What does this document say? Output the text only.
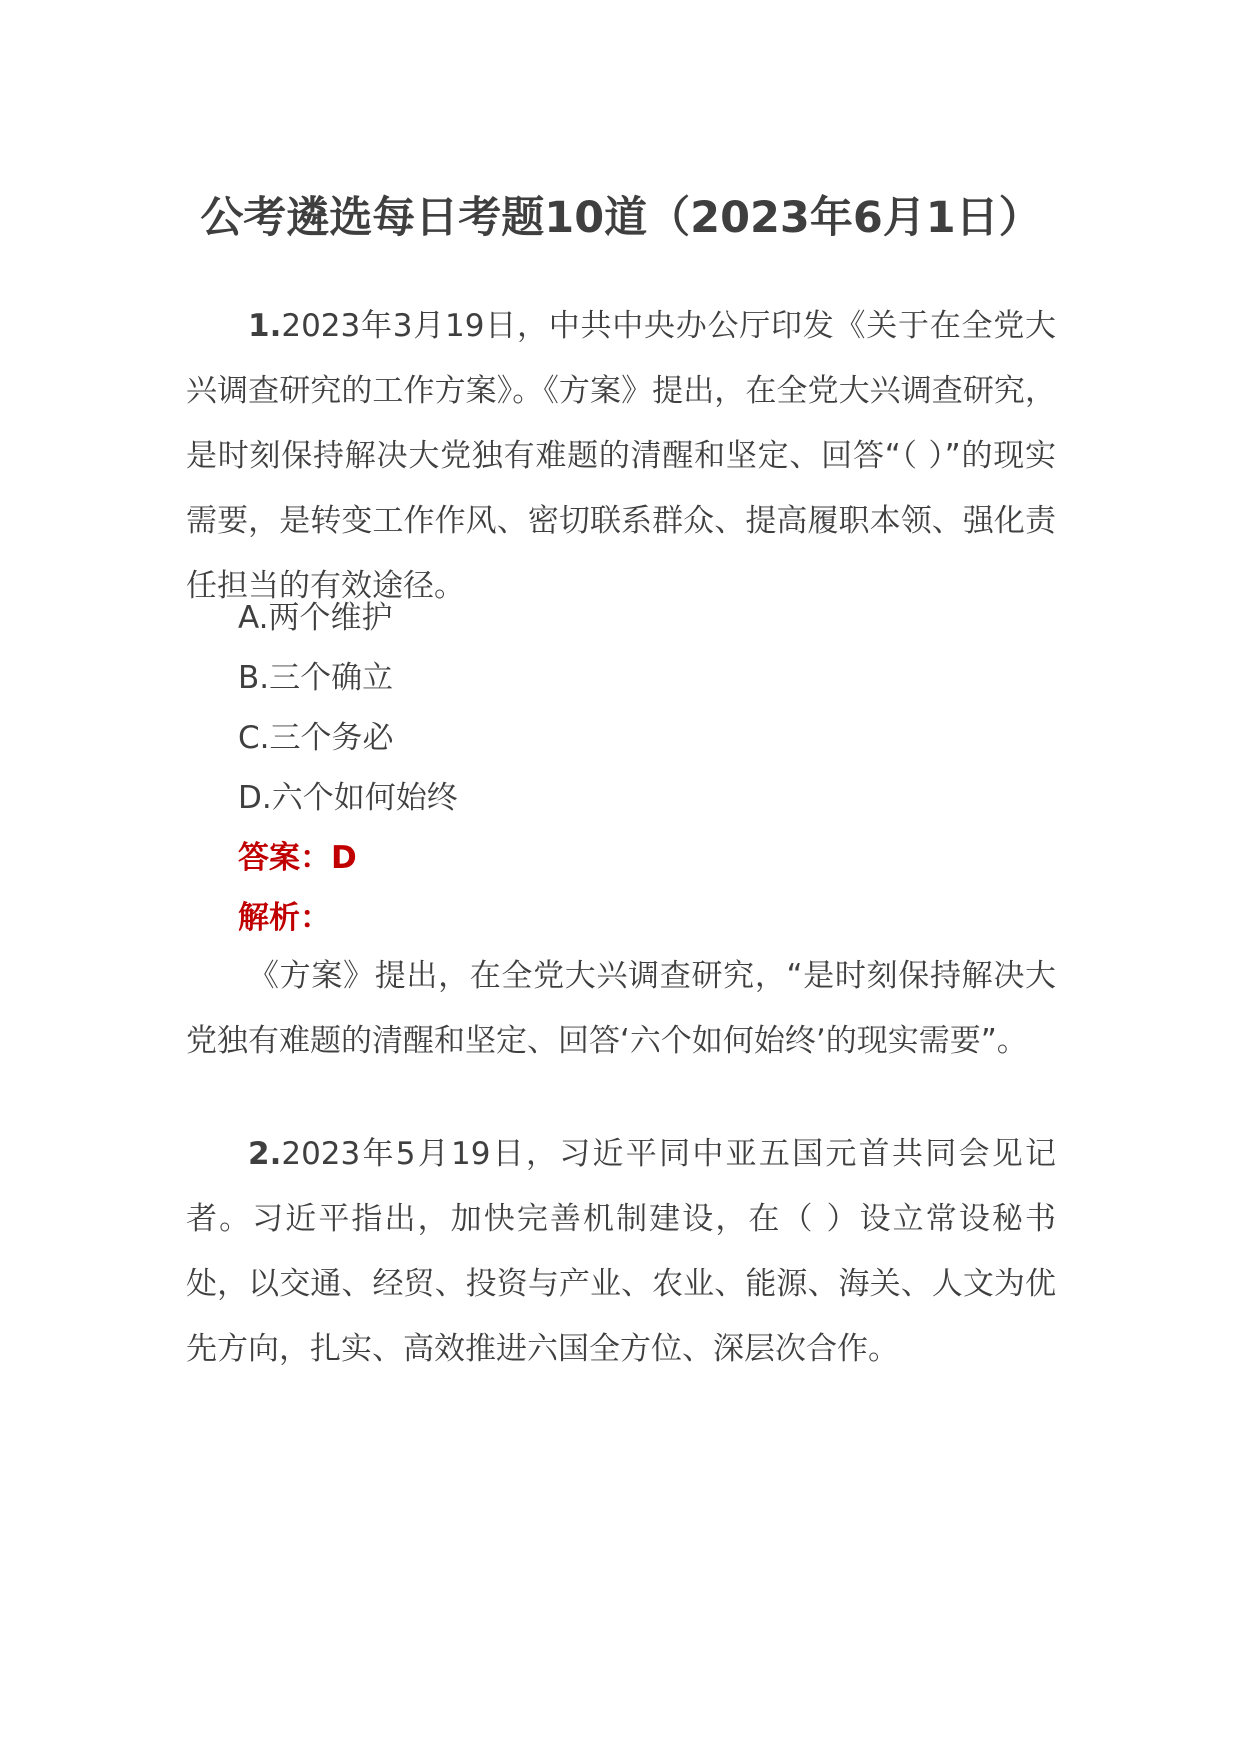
公考遴选每日考题10道（2023年6月1日）

1.2023年3月19日，中共中央办公厅印发《关于在全党大兴调查研究的工作方案》。《方案》提出，在全党大兴调查研究，是时刻保持解决大党独有难题的清醒和坚定、回答“（ ）”的现实需要，是转变工作作风、密切联系群众、提高履职本领、强化责任担当的有效途径。

A.两个维护

B.三个确立

C.三个务必

D.六个如何始终

答案：D

解析：

《方案》提出，在全党大兴调查研究，“是时刻保持解决大党独有难题的清醒和坚定、回答‘六个如何始终’的现实需要”。

2.2023年5月19日，习近平同中亚五国元首共同会见记者。习近平指出，加快完善机制建设，在（ ）设立常设秘书处，以交通、经贸、投资与产业、农业、能源、海关、人文为优先方向，扎实、高效推进六国全方位、深层次合作。
